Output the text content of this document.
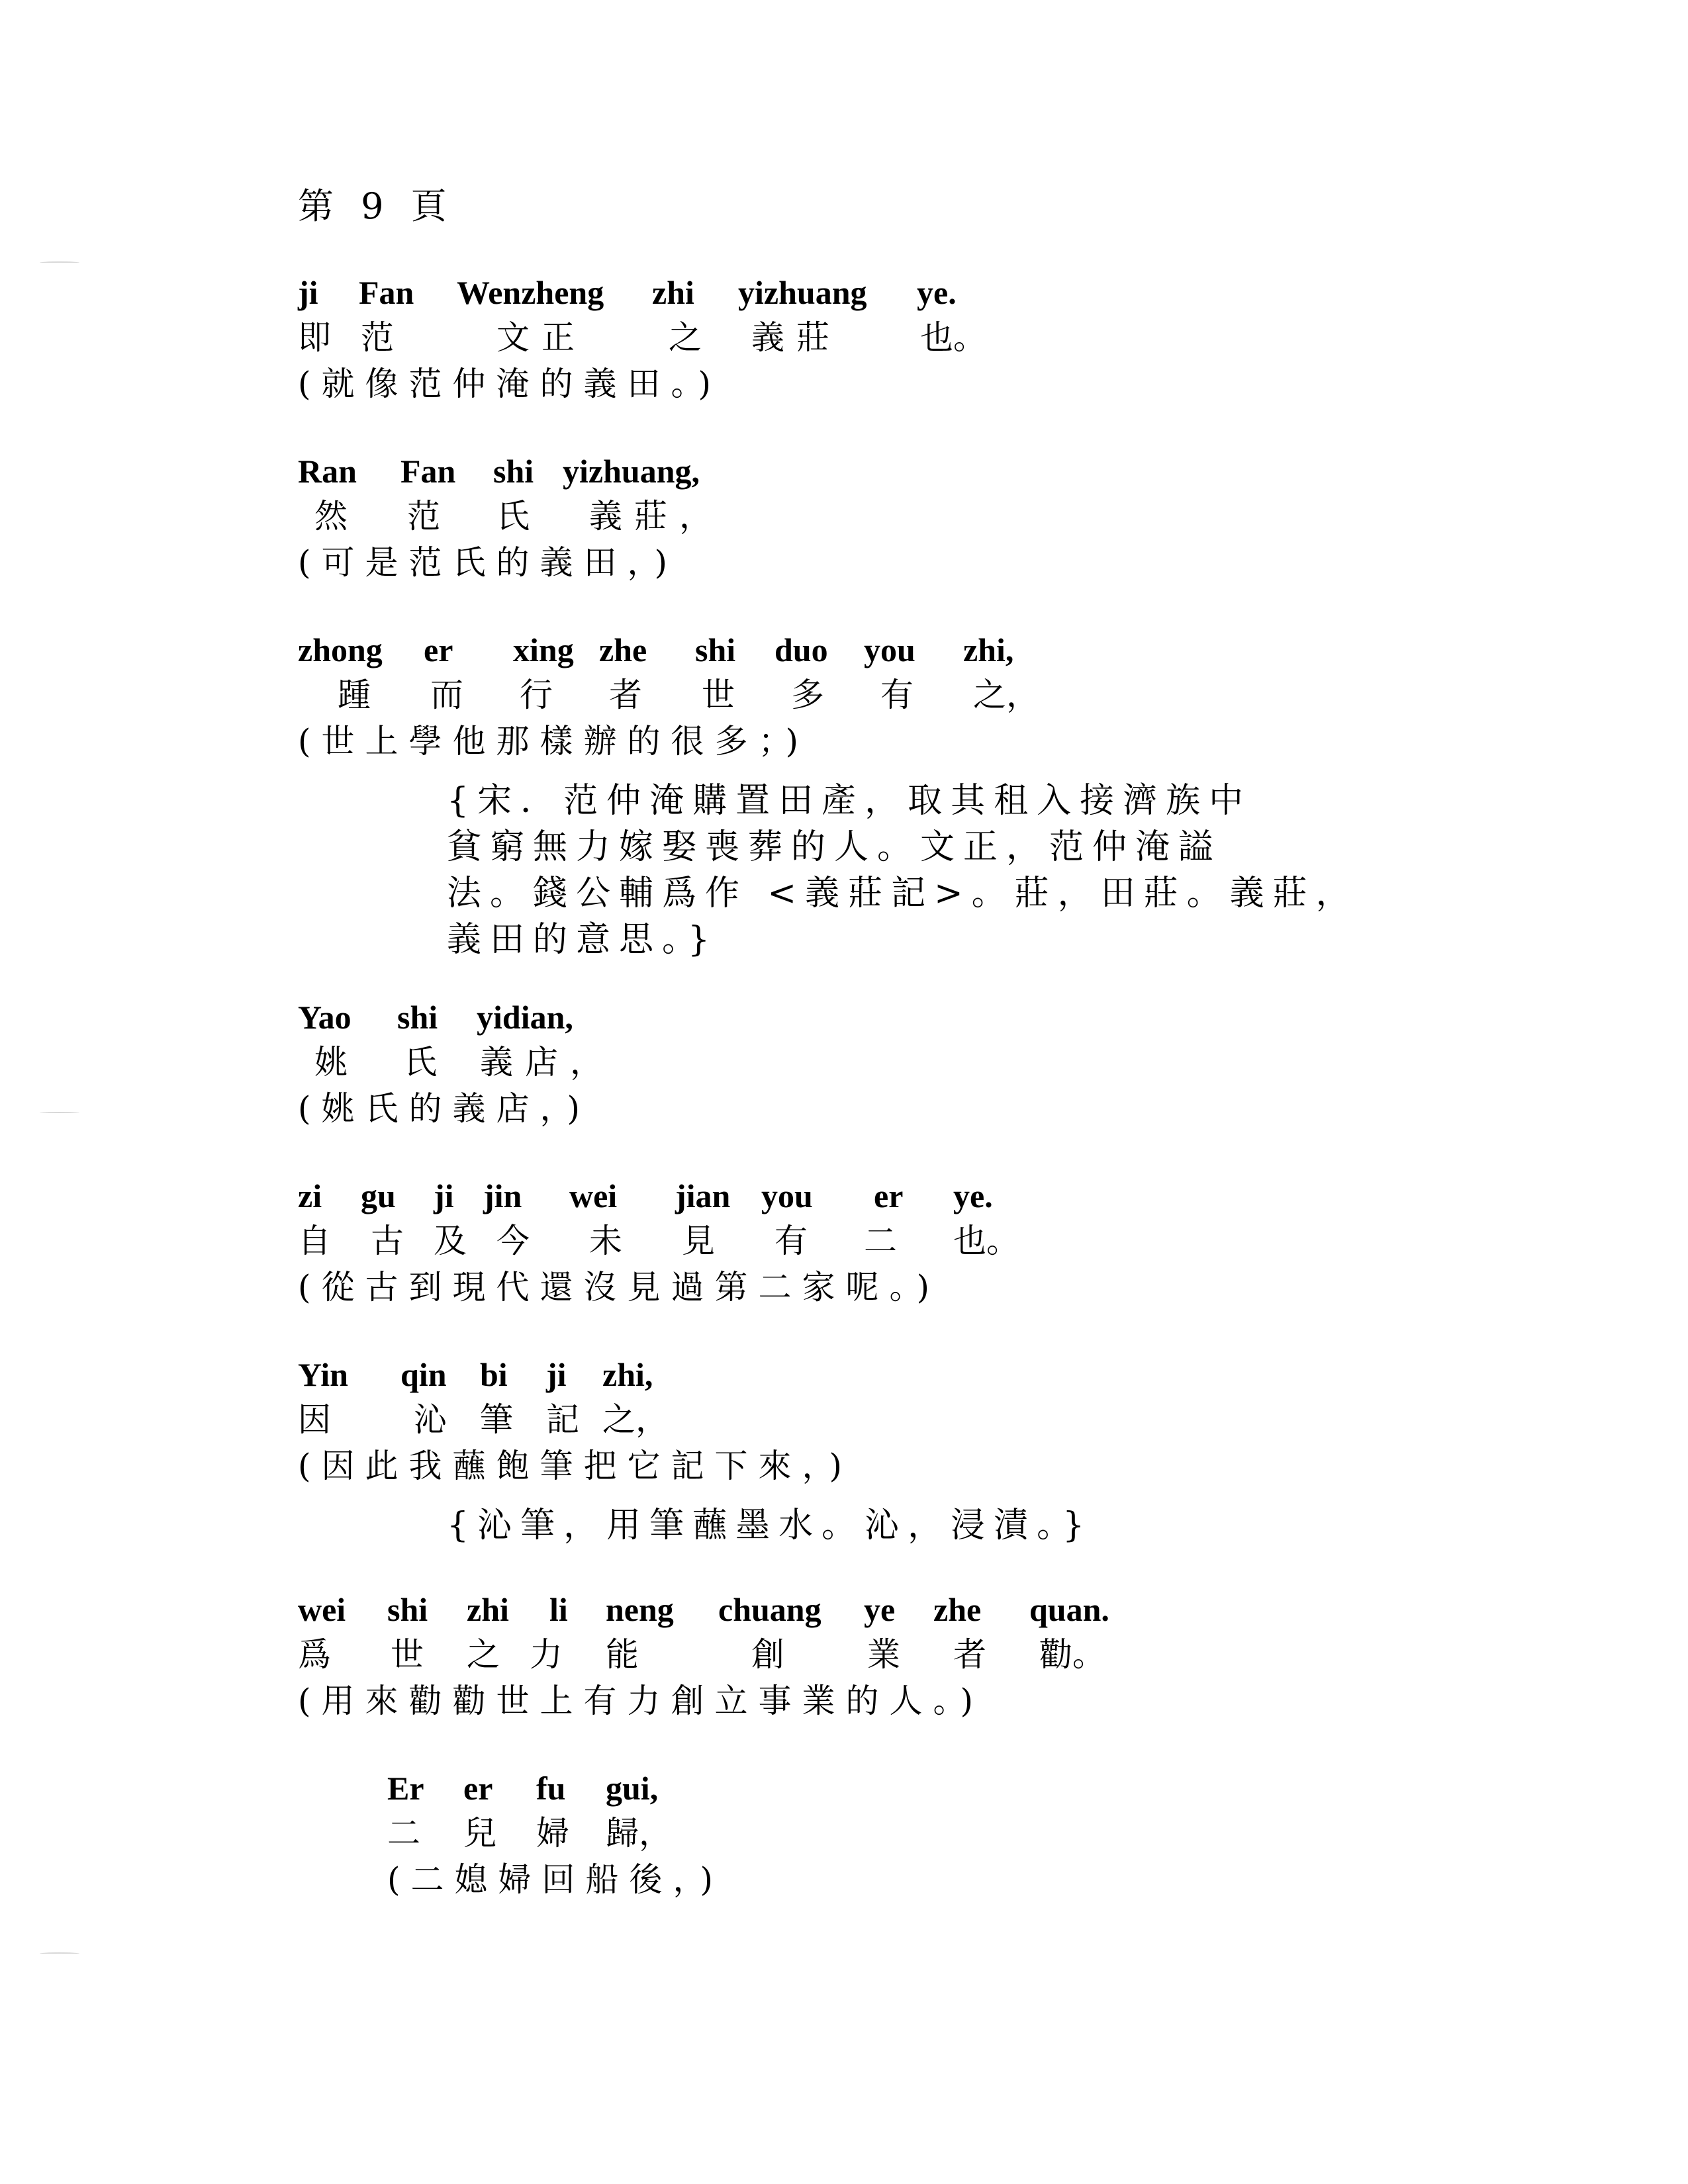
第 9 頁
ji Fan Wenzheng zhi yizhuang ye.
即 范	文正 之 義莊 也。
(就像范仲淹的義田。)
Ran Fan shi yizhuang,
然 范 氏 義莊，
(可是范氏的義田，)
zhong er xing zhe shi duo you zhi,
踵 而 行 者 世 多 有 之，
(世上學他那樣辦的很多；)
{宋．范仲淹購置田產，取其租入接濟族中
貧窮無力嫁娶喪葬的人。文正，范仲淹謚
法。錢公輔爲作 <義莊記>。莊，田莊。義莊，
義田的意思。}
Yao shi yidian,
姚 氏 義店，
(姚氏的義店，)
zi gu ji jin wei jian you er ye.
自 古 及 今 未 見 有 二 也。
(從古到現代還沒見過第二家呢。)
Yin qin bi ji zhi,
因	沁 筆 記 之，
(因此我蘸飽筆把它記下來，)
{沁筆，用筆蘸墨水。沁，浸漬。}
wei shi zhi li neng chuang ye zhe quan.
爲 世 之 力 能	創	業 者 勸。
(用來勸勸世上有力創立事業的人。)
Er er fu gui,
二 兒 婦 歸，
(二媳婦回船後，)
